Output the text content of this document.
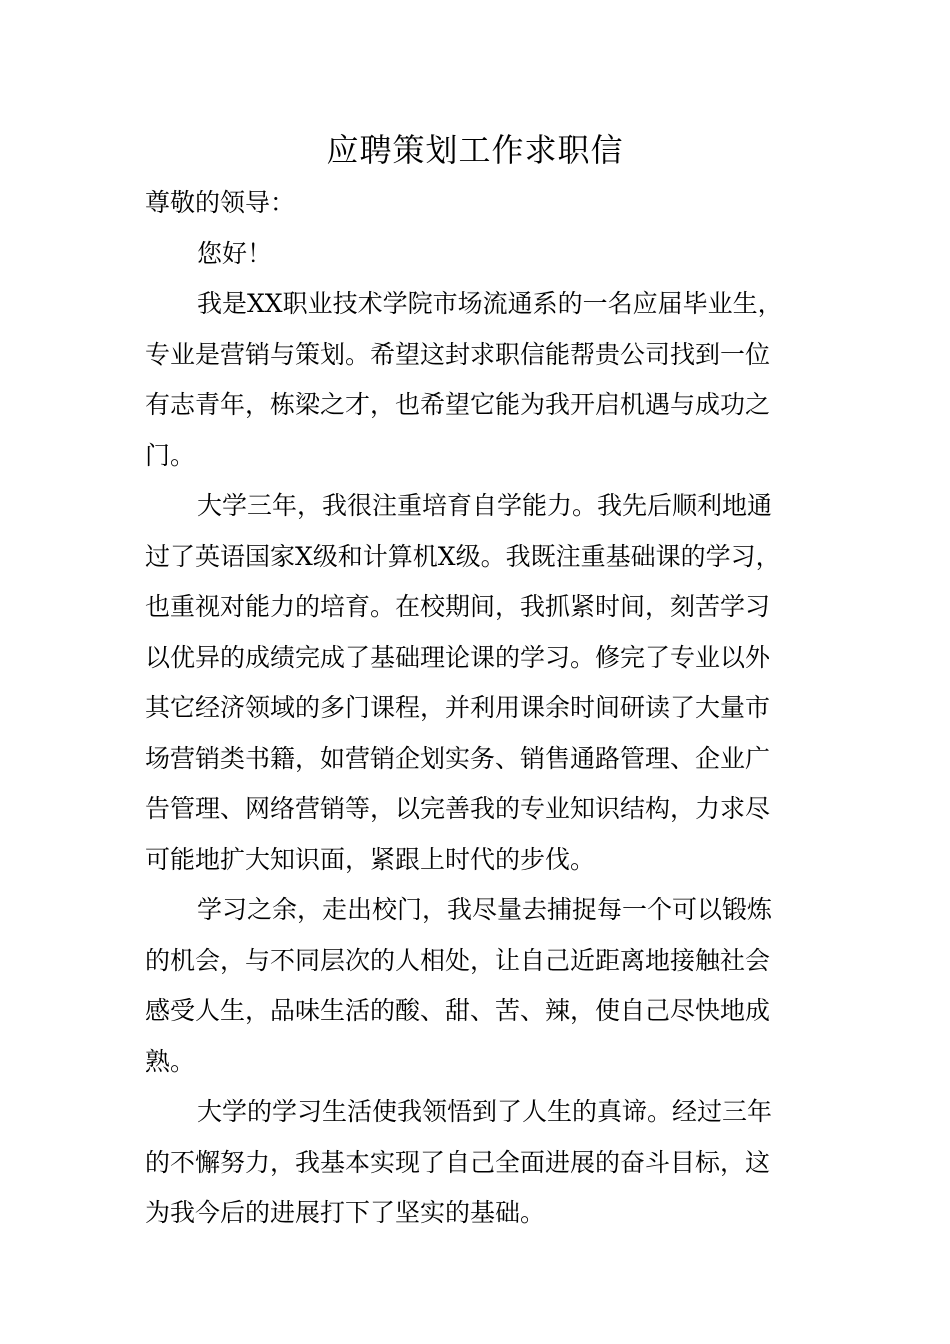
应聘策划工作求职信
尊敬的领导：
您好！
我是XX职业技术学院市场流通系的一名应届毕业生，
专业是营销与策划。希望这封求职信能帮贵公司找到一位
有志青年，栋梁之才，也希望它能为我开启机遇与成功之
门。
大学三年，我很注重培育自学能力。我先后顺利地通
过了英语国家X级和计算机X级。我既注重基础课的学习，
也重视对能力的培育。在校期间，我抓紧时间，刻苦学习
以优异的成绩完成了基础理论课的学习。修完了专业以外
其它经济领域的多门课程，并利用课余时间研读了大量市
场营销类书籍，如营销企划实务、销售通路管理、企业广
告管理、网络营销等，以完善我的专业知识结构，力求尽
可能地扩大知识面，紧跟上时代的步伐。
学习之余，走出校门，我尽量去捕捉每一个可以锻炼
的机会，与不同层次的人相处，让自己近距离地接触社会
感受人生，品味生活的酸、甜、苦、辣，使自己尽快地成
熟。
大学的学习生活使我领悟到了人生的真谛。经过三年
的不懈努力，我基本实现了自己全面进展的奋斗目标，这
为我今后的进展打下了坚实的基础。
